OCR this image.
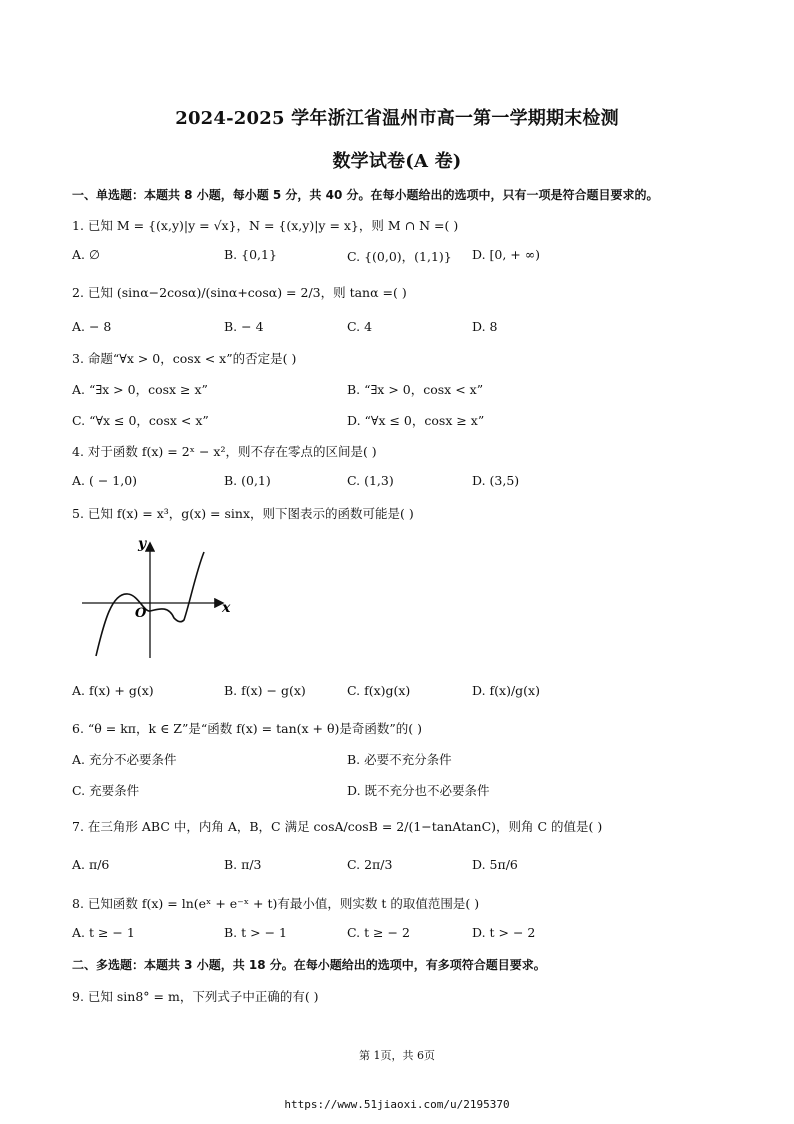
2024-2025 学年浙江省温州市高一第一学期期末检测
数学试卷(A 卷)
一、单选题：本题共 8 小题，每小题 5 分，共 40 分。在每小题给出的选项中，只有一项是符合题目要求的。
1. 已知 M = {(x,y)|y = √x}，N = {(x,y)|y = x}，则 M ∩ N =( )
A. ∅	B. {0,1}	C. {(0,0)，(1,1)} D. [0, + ∞)
2. 已知 (sinα−2cosα)/(sinα+cosα) = 2/3，则 tanα =( )
A. − 8	B. − 4	C. 4	D. 8
3. 命题“∀x > 0，cosx < x”的否定是( )
A. “∃x > 0，cosx ≥ x”	B. “∃x > 0，cosx < x”
C. “∀x ≤ 0，cosx < x”	D. “∀x ≤ 0，cosx ≥ x”
4. 对于函数 f(x) = 2ˣ − x²，则不存在零点的区间是( )
A. ( − 1,0)	B. (0,1)	C. (1,3)	D. (3,5)
5. 已知 f(x) = x³，g(x) = sinx，则下图表示的函数可能是( )
y
x
O
A. f(x) + g(x)	B. f(x) − g(x)	C. f(x)g(x)	D. f(x)/g(x)
6. “θ = kπ，k ∈ Z”是“函数 f(x) = tan(x + θ)是奇函数”的( )
A. 充分不必要条件	B. 必要不充分条件
C. 充要条件	D. 既不充分也不必要条件
7. 在三角形 ABC 中，内角 A，B，C 满足 cosA/cosB = 2/(1−tanAtanC)，则角 C 的值是( )
A. π/6	B. π/3	C. 2π/3	D. 5π/6
8. 已知函数 f(x) = ln(eˣ + e⁻ˣ + t)有最小值，则实数 t 的取值范围是( )
A. t ≥ − 1	B. t > − 1	C. t ≥ − 2	D. t > − 2
二、多选题：本题共 3 小题，共 18 分。在每小题给出的选项中，有多项符合题目要求。
9. 已知 sin8° = m，下列式子中正确的有( )
第 1页，共 6页
https://www.51jiaoxi.com/u/2195370
